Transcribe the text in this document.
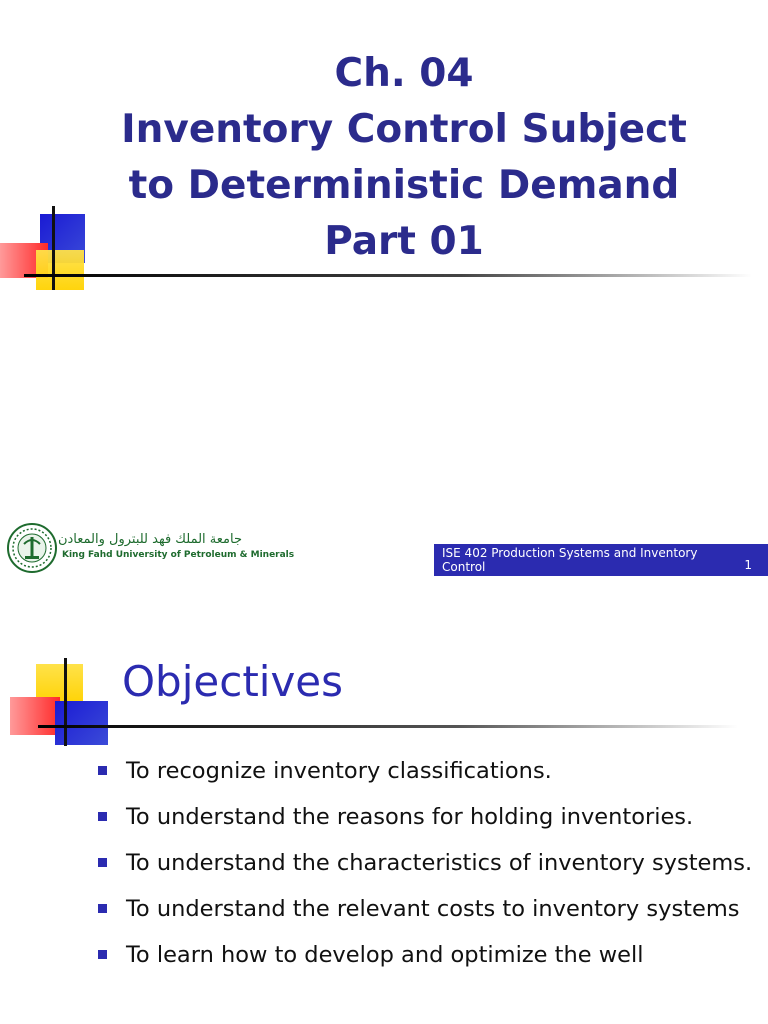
Ch. 04
Inventory Control Subject
to Deterministic Demand
Part 01
جامعة الملك فهد للبترول والمعادن
King Fahd University of Petroleum & Minerals	ISE 402 Production Systems and Inventory Control	1
Objectives
To recognize inventory classifications.
To understand the reasons for holding inventories.
To understand the characteristics of inventory systems.
To understand the relevant costs to inventory systems
To learn how to develop and optimize the well
